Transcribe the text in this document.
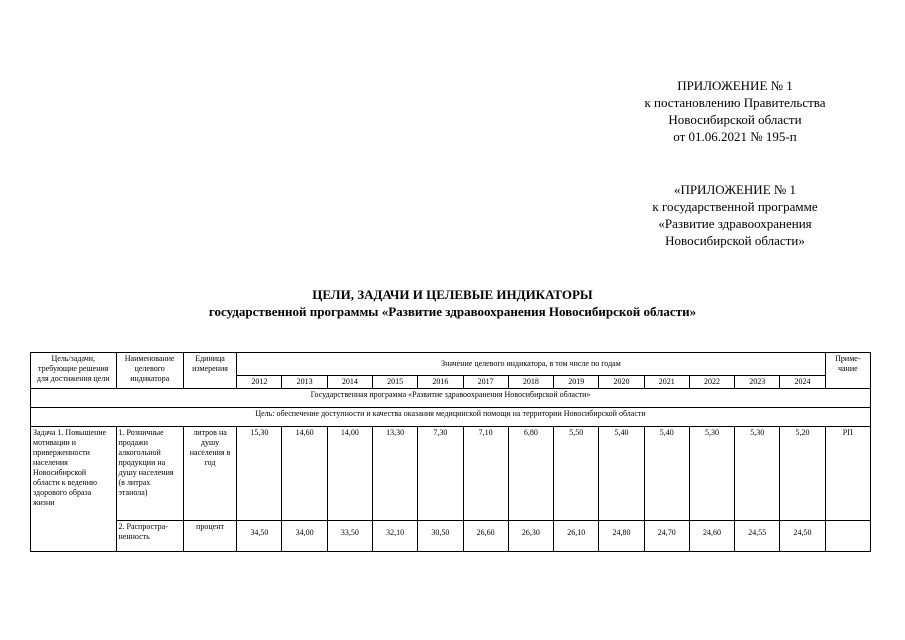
ПРИЛОЖЕНИЕ № 1
к постановлению Правительства
Новосибирской области
от 01.06.2021 № 195-п
«ПРИЛОЖЕНИЕ № 1
к государственной программе
«Развитие здравоохранения
Новосибирской области»
ЦЕЛИ, ЗАДАЧИ И ЦЕЛЕВЫЕ ИНДИКАТОРЫ
государственной программы «Развитие здравоохранения Новосибирской области»
Цель/задачи, требующие решения для достижения цели	Наименование целевого индикатора	Единица измерения	Значение целевого индикатора, в том числе по годам													Приме-чание
			2012	2013	2014	2015	2016	2017	2018	2019	2020	2021	2022	2023	2024	
Государственная программа «Развитие здравоохранения Новосибирской области»																
Цель: обеспечение доступности и качества оказания медицинской помощи на территории Новосибирской области																
Задача 1. Повышение мотивации и приверженности населения Новосибирской области к ведению здорового образа жизни	1. Розничные продажи алкогольной продукции на душу населения (в литрах этанола)	литров на душу населения в год	15,30	14,60	14,00	13,30	7,30	7,10	6,80	5,50	5,40	5,40	5,30	5,30	5,20	РП
	2. Распростра-ненность	процент	34,50	34,00	33,50	32,10	30,50	26,60	26,30	26,10	24,80	24,70	24,60	24,55	24,50	
